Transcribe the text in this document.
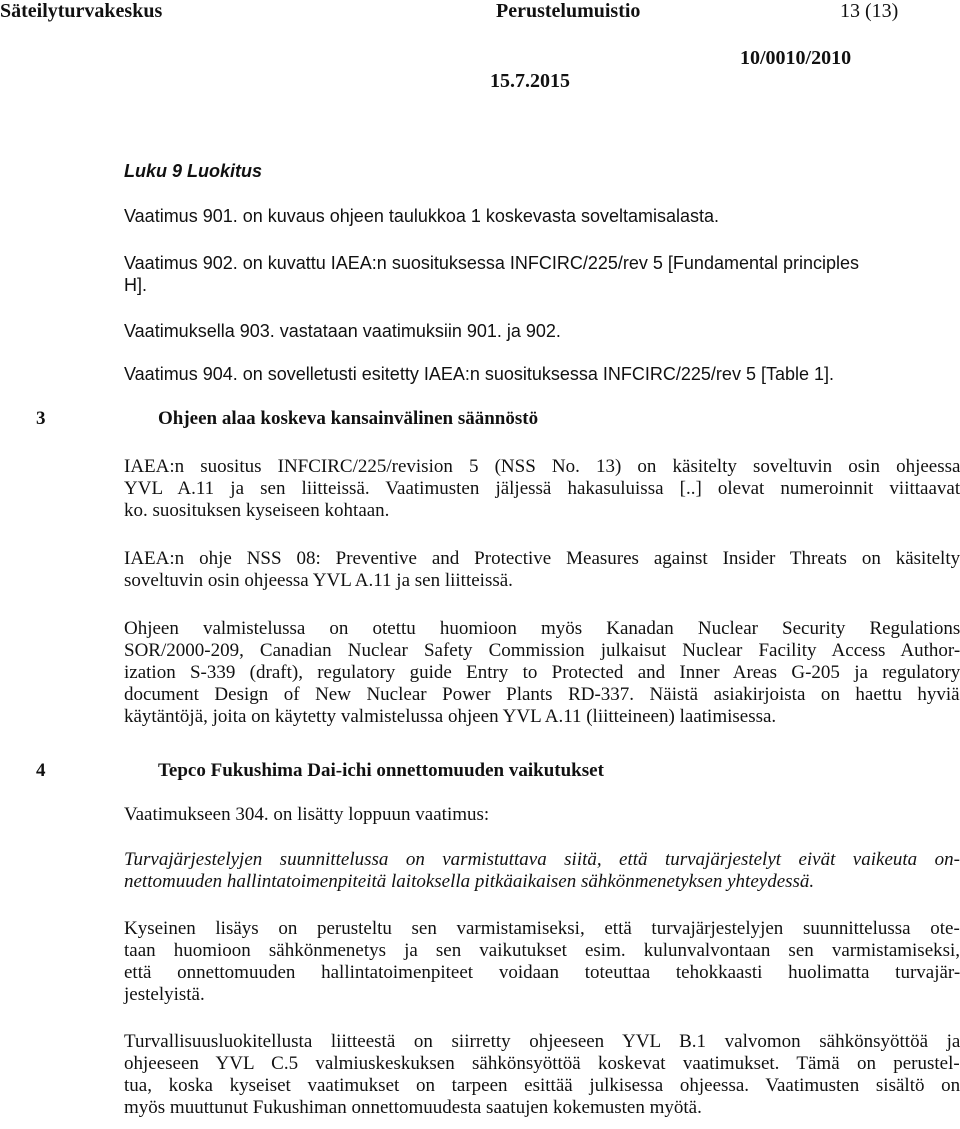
Säteilyturvakeskus	Perustelumuistio	13 (13)
10/0010/2010
15.7.2015
Luku 9 Luokitus
Vaatimus 901. on kuvaus ohjeen taulukkoa 1 koskevasta soveltamisalasta.
Vaatimus 902. on kuvattu IAEA:n suosituksessa INFCIRC/225/rev 5 [Fundamental principles
H].
Vaatimuksella 903. vastataan vaatimuksiin 901. ja 902.
Vaatimus 904. on sovelletusti esitetty IAEA:n suosituksessa INFCIRC/225/rev 5 [Table 1].
3	Ohjeen alaa koskeva kansainvälinen säännöstö
IAEA:n suositus INFCIRC/225/revision 5 (NSS No. 13) on käsitelty soveltuvin osin ohjeessa
YVL A.11 ja sen liitteissä. Vaatimusten jäljessä hakasuluissa [..] olevat numeroinnit viittaavat
ko. suosituksen kyseiseen kohtaan.
IAEA:n ohje NSS 08: Preventive and Protective Measures against Insider Threats on käsitelty
soveltuvin osin ohjeessa YVL A.11 ja sen liitteissä.
Ohjeen valmistelussa on otettu huomioon myös Kanadan Nuclear Security Regulations
SOR/2000-209, Canadian Nuclear Safety Commission julkaisut Nuclear Facility Access Author-
ization S-339 (draft), regulatory guide Entry to Protected and Inner Areas G-205 ja regulatory
document Design of New Nuclear Power Plants RD-337. Näistä asiakirjoista on haettu hyviä
käytäntöjä, joita on käytetty valmistelussa ohjeen YVL A.11 (liitteineen) laatimisessa.
4	Tepco Fukushima Dai-ichi onnettomuuden vaikutukset
Vaatimukseen 304. on lisätty loppuun vaatimus:
Turvajärjestelyjen suunnittelussa on varmistuttava siitä, että turvajärjestelyt eivät vaikeuta on-
nettomuuden hallintatoimenpiteitä laitoksella pitkäaikaisen sähkönmenetyksen yhteydessä.
Kyseinen lisäys on perusteltu sen varmistamiseksi, että turvajärjestelyjen suunnittelussa ote-
taan huomioon sähkönmenetys ja sen vaikutukset esim. kulunvalvontaan sen varmistamiseksi,
että onnettomuuden hallintatoimenpiteet voidaan toteuttaa tehokkaasti huolimatta turvajär-
jestelyistä.
Turvallisuusluokitellusta liitteestä on siirretty ohjeeseen YVL B.1 valvomon sähkönsyöttöä ja
ohjeeseen YVL C.5 valmiuskeskuksen sähkönsyöttöä koskevat vaatimukset. Tämä on perustel-
tua, koska kyseiset vaatimukset on tarpeen esittää julkisessa ohjeessa. Vaatimusten sisältö on
myös muuttunut Fukushiman onnettomuudesta saatujen kokemusten myötä.
